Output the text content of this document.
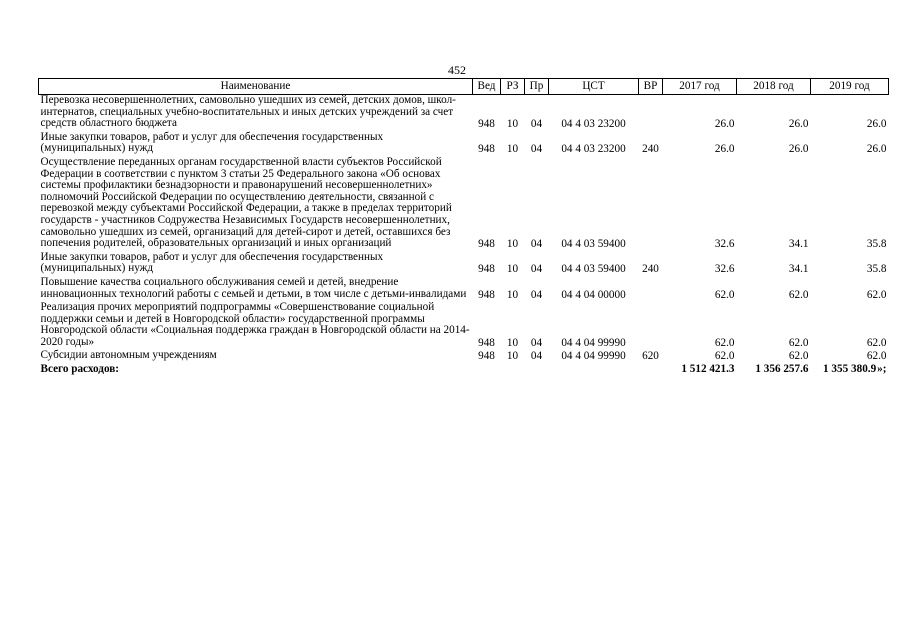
452
Наименование	Вед	РЗ	Пр	ЦСТ	ВР	2017 год	2018 год	2019 год
Перевозка несовершеннолетних, самовольно ушедших из семей, детских домов, школ-интернатов, специальных учебно-воспитательных и иных детских учреждений за счет средств областного бюджета	948	10	04	04 4 03 23200		26.0	26.0	26.0
Иные закупки товаров, работ и услуг для обеспечения государственных (муниципальных) нужд	948	10	04	04 4 03 23200	240	26.0	26.0	26.0
Осуществление переданных органам государственной власти субъектов Российской Федерации в соответствии с пунктом 3 статьи 25 Федерального закона «Об основах системы профилактики безнадзорности и правонарушений несовершеннолетних» полномочий Российской Федерации по осуществлению деятельности, связанной с перевозкой между субъектами Российской Федерации, а также в пределах территорий государств - участников Содружества Независимых Государств несовершеннолетних, самовольно ушедших из семей, организаций для детей-сирот и детей, оставшихся без попечения родителей, образовательных организаций и иных организаций	948	10	04	04 4 03 59400		32.6	34.1	35.8
Иные закупки товаров, работ и услуг для обеспечения государственных (муниципальных) нужд	948	10	04	04 4 03 59400	240	32.6	34.1	35.8
Повышение качества социального обслуживания семей и детей, внедрение инновационных технологий работы с семьей и детьми, в том числе с детьми-инвалидами	948	10	04	04 4 04 00000		62.0	62.0	62.0
Реализация прочих мероприятий подпрограммы «Совершенствование социальной поддержки семьи и детей в Новгородской области» государственной программы Новгородской области «Социальная поддержка граждан в Новгородской области на 2014-2020 годы»	948	10	04	04 4 04 99990		62.0	62.0	62.0
Субсидии автономным учреждениям	948	10	04	04 4 04 99990	620	62.0	62.0	62.0
Всего расходов:						1 512 421.3	1 356 257.6	1 355 380.9»;
